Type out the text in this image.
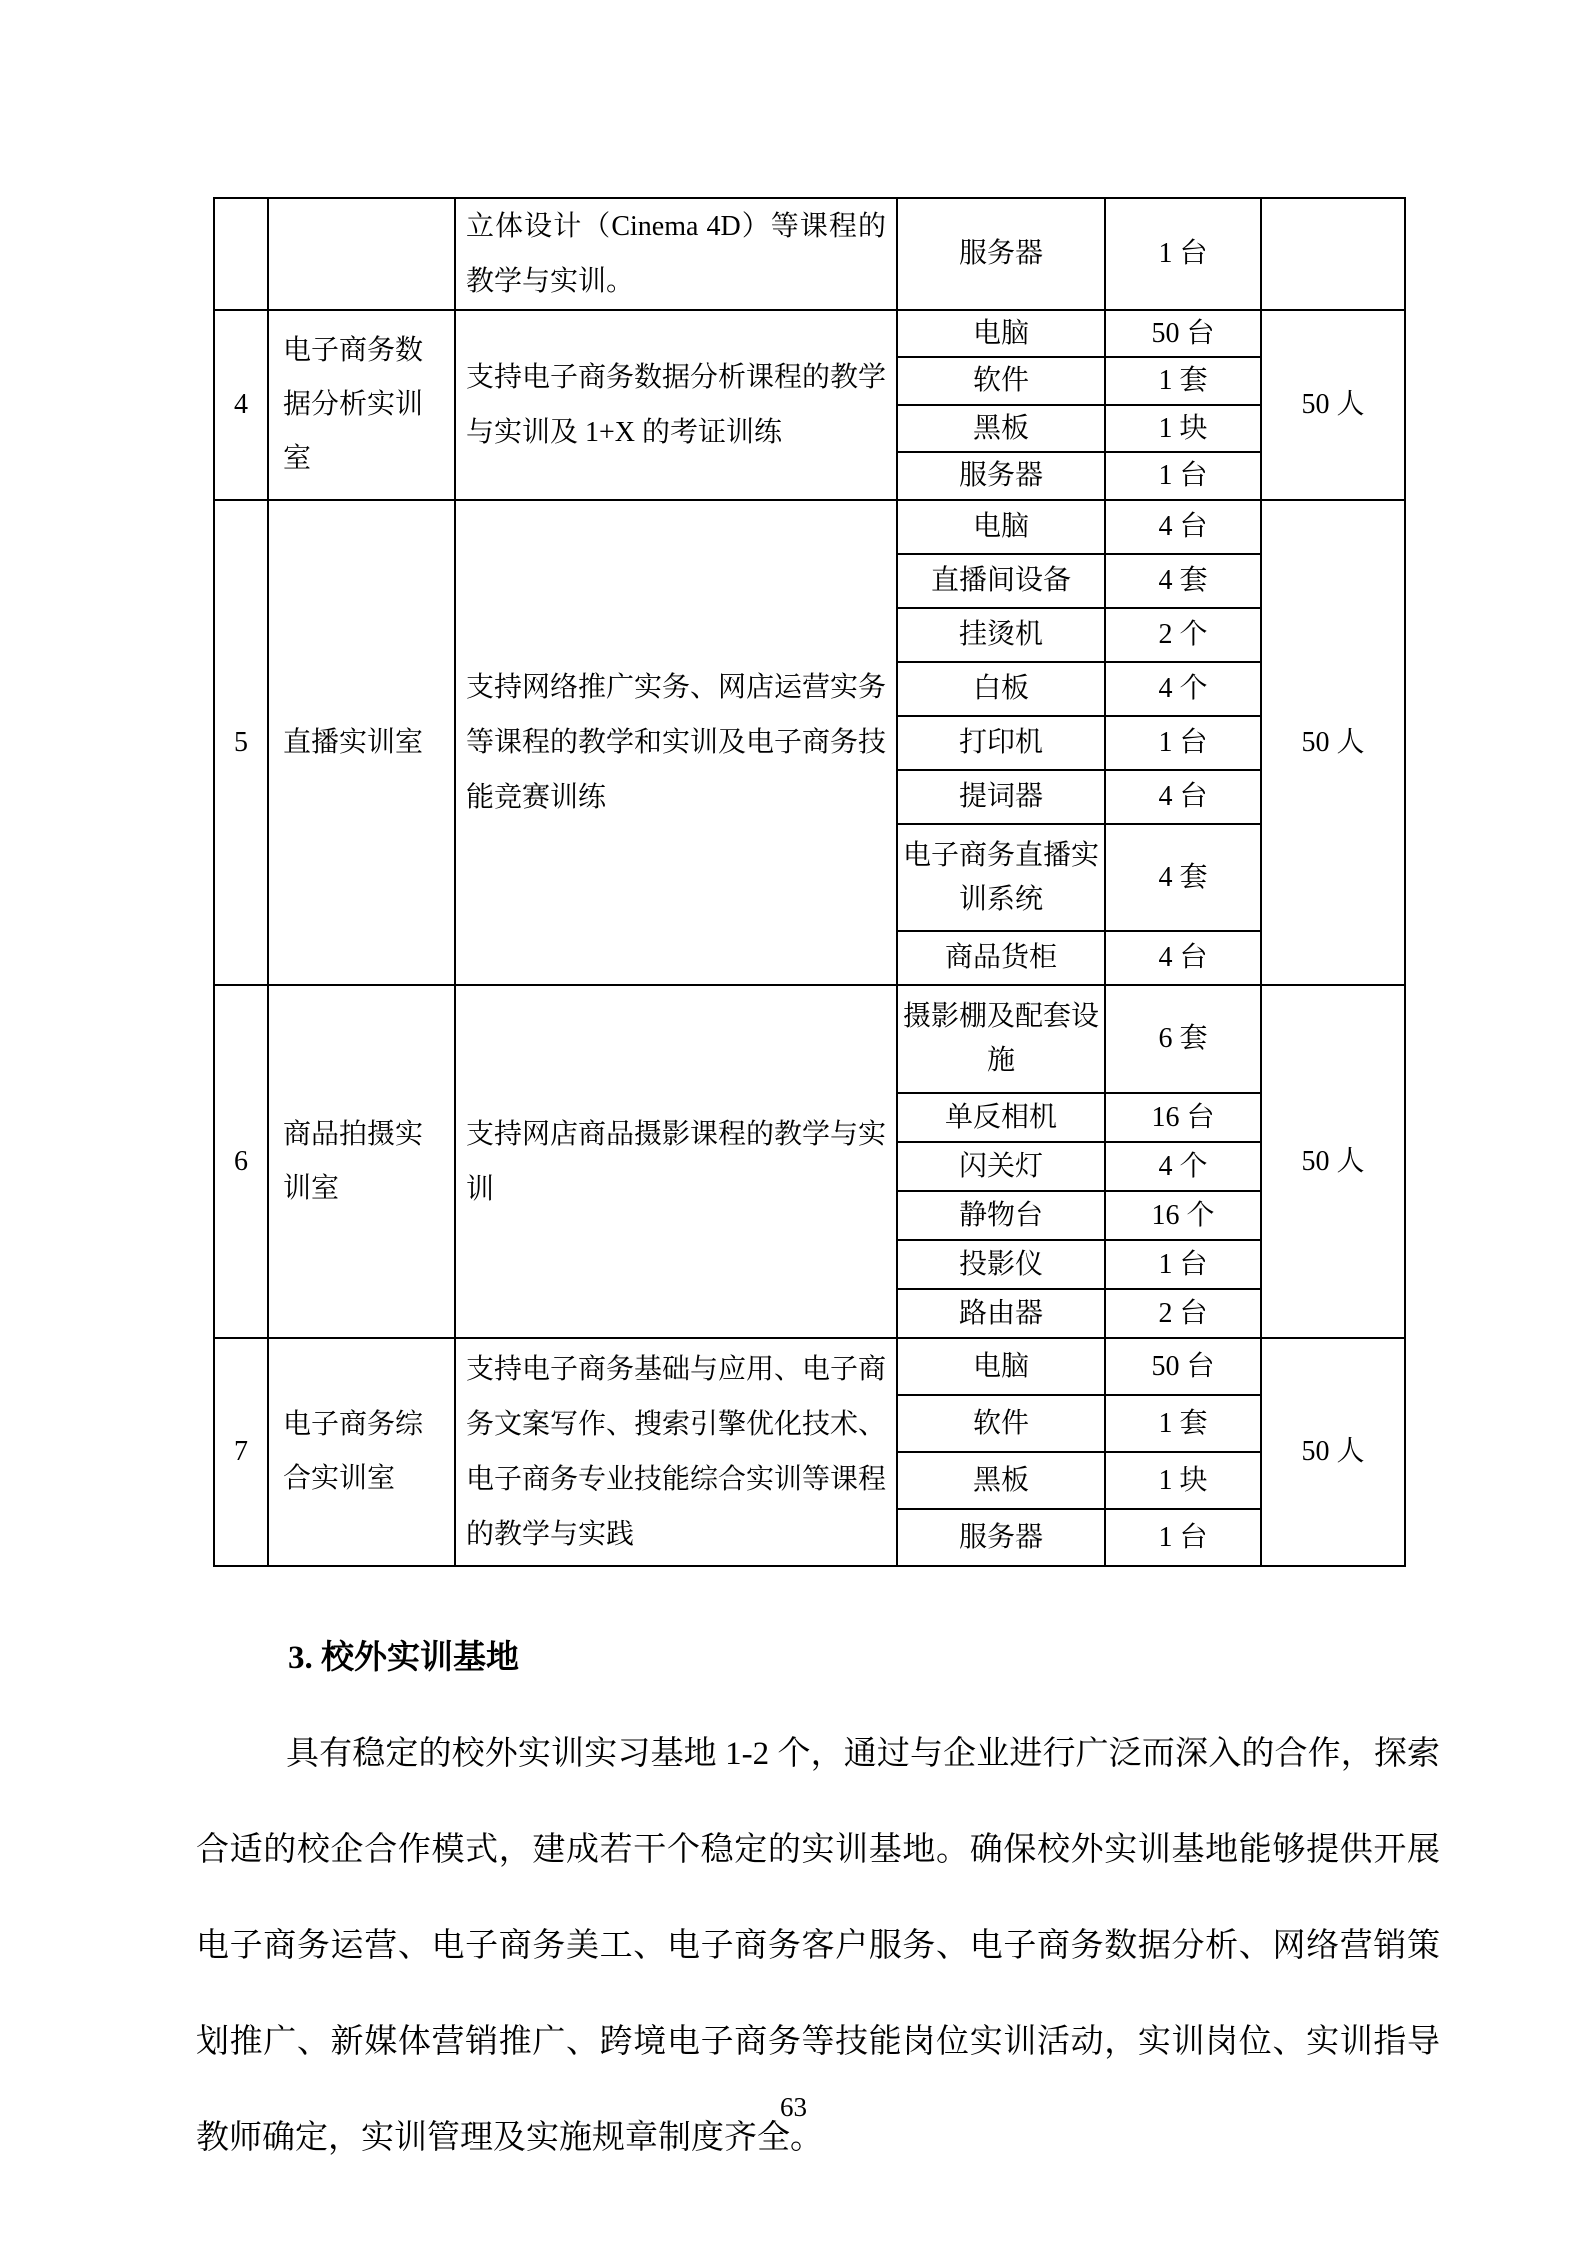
		立体设计（Cinema 4D）等课程的教学与实训。	服务器	1 台	
4	电子商务数据分析实训室	支持电子商务数据分析课程的教学与实训及 1+X 的考证训练	电脑	50 台	50 人
			软件	1 套	
			黑板	1 块	
			服务器	1 台	
5	直播实训室	支持网络推广实务、网店运营实务等课程的教学和实训及电子商务技能竞赛训练	电脑	4 台	50 人
			直播间设备	4 套	
			挂烫机	2 个	
			白板	4 个	
			打印机	1 台	
			提词器	4 台	
			电子商务直播实训系统	4 套	
			商品货柜	4 台	
6	商品拍摄实训室	支持网店商品摄影课程的教学与实训	摄影棚及配套设施	6 套	50 人
			单反相机	16 台	
			闪关灯	4 个	
			静物台	16 个	
			投影仪	1 台	
			路由器	2 台	
7	电子商务综合实训室	支持电子商务基础与应用、电子商务文案写作、搜索引擎优化技术、电子商务专业技能综合实训等课程的教学与实践	电脑	50 台	50 人
			软件	1 套	
			黑板	1 块	
			服务器	1 台	
3. 校外实训基地

具有稳定的校外实训实习基地 1-2 个，通过与企业进行广泛而深入的合作，探索合适的校企合作模式，建成若干个稳定的实训基地。确保校外实训基地能够提供开展电子商务运营、电子商务美工、电子商务客户服务、电子商务数据分析、网络营销策划推广、新媒体营销推广、跨境电子商务等技能岗位实训活动，实训岗位、实训指导教师确定，实训管理及实施规章制度齐全。

63
